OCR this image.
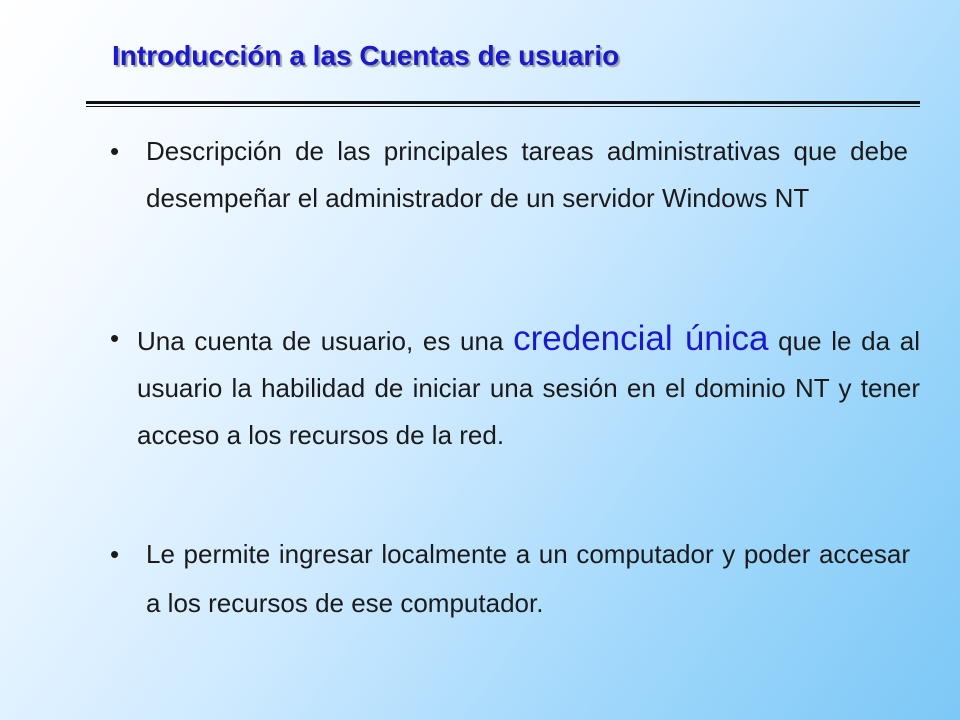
Introducción a las Cuentas de usuario
• Descripción de las principales tareas administrativas que debe desempeñar el administrador de un servidor Windows NT

• Una cuenta de usuario, es una credencial única que le da al usuario la habilidad de iniciar una sesión en el dominio NT y tener acceso a los recursos de la red.

• Le permite ingresar localmente a un computador y poder accesar a los recursos de ese computador.
